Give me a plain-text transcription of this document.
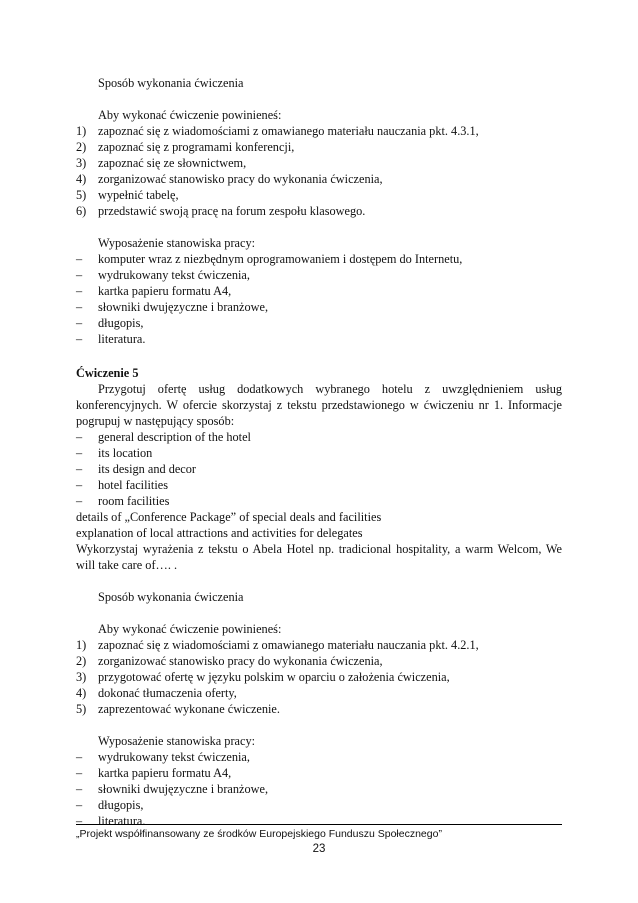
Sposób wykonania ćwiczenia
Aby wykonać ćwiczenie powinieneś:
1) zapoznać się z wiadomościami z omawianego materiału nauczania pkt. 4.3.1,
2) zapoznać się z programami konferencji,
3) zapoznać się ze słownictwem,
4) zorganizować stanowisko pracy do wykonania ćwiczenia,
5) wypełnić tabelę,
6) przedstawić swoją pracę na forum zespołu klasowego.
Wyposażenie stanowiska pracy:
– komputer wraz z niezbędnym oprogramowaniem i dostępem do Internetu,
– wydrukowany tekst ćwiczenia,
– kartka papieru formatu A4,
– słowniki dwujęzyczne i branżowe,
– długopis,
– literatura.
Ćwiczenie 5
Przygotuj ofertę usług dodatkowych wybranego hotelu z uwzględnieniem usług konferencyjnych. W ofercie skorzystaj z tekstu przedstawionego w ćwiczeniu nr 1. Informacje pogrupuj w następujący sposób:
– general description of the hotel
– its location
– its design and decor
– hotel facilities
– room facilities
details of „Conference Package” of special deals and facilities
explanation of local attractions and activities for delegates
Wykorzystaj wyrażenia z tekstu o Abela Hotel np. tradicional hospitality, a warm Welcom, We will take care of…. .
Sposób wykonania ćwiczenia
Aby wykonać ćwiczenie powinieneś:
1) zapoznać się z wiadomościami z omawianego materiału nauczania pkt. 4.2.1,
2) zorganizować stanowisko pracy do wykonania ćwiczenia,
3) przygotować ofertę w języku polskim w oparciu o założenia ćwiczenia,
4) dokonać tłumaczenia oferty,
5) zaprezentować wykonane ćwiczenie.
Wyposażenie stanowiska pracy:
– wydrukowany tekst ćwiczenia,
– kartka papieru formatu A4,
– słowniki dwujęzyczne i branżowe,
– długopis,
– literatura.
„Projekt współfinansowany ze środków Europejskiego Funduszu Społecznego”
23
